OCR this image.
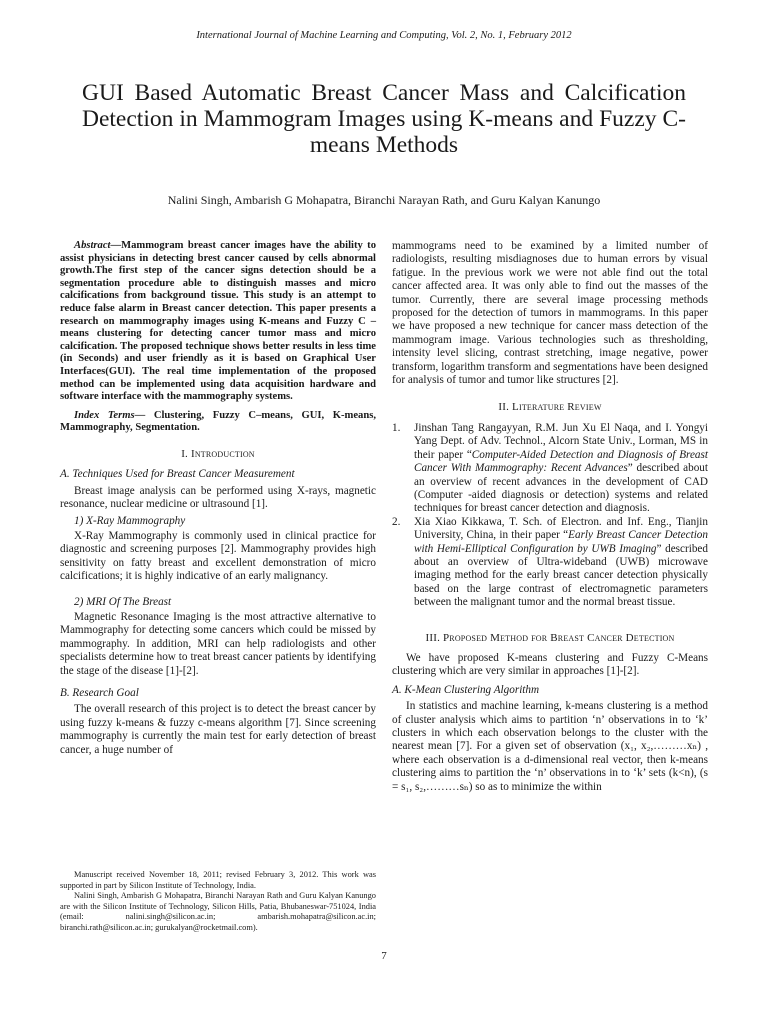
International Journal of Machine Learning and Computing, Vol. 2, No. 1, February 2012
GUI Based Automatic Breast Cancer Mass and Calcification Detection in Mammogram Images using K-means and Fuzzy C-means Methods
Nalini Singh, Ambarish G Mohapatra, Biranchi Narayan Rath, and Guru Kalyan Kanungo

Abstract—Mammogram breast cancer images have the ability to assist physicians in detecting brest cancer caused by cells abnormal growth.The first step of the cancer signs detection should be a segmentation procedure able to distinguish masses and micro calcifications from background tissue. This study is an attempt to reduce false alarm in Breast cancer detection. This paper presents a research on mammography images using K-means and Fuzzy C – means clustering for detecting cancer tumor mass and micro calcification. The proposed technique shows better results in less time (in Seconds) and user friendly as it is based on Graphical User Interfaces(GUI). The real time implementation of the proposed method can be implemented using data acquisition hardware and software interface with the mammography systems.

Index Terms— Clustering, Fuzzy C–means, GUI, K-means, Mammography, Segmentation.

I. Introduction
A. Techniques Used for Breast Cancer Measurement

Breast image analysis can be performed using X-rays, magnetic resonance, nuclear medicine or ultrasound [1].

1) X-Ray Mammography

X-Ray Mammography is commonly used in clinical practice for diagnostic and screening purposes [2]. Mammography provides high sensitivity on fatty breast and excellent demonstration of micro calcifications; it is highly indicative of an early malignancy.

2) MRI Of The Breast

Magnetic Resonance Imaging is the most attractive alternative to Mammography for detecting some cancers which could be missed by mammography. In addition, MRI can help radiologists and other specialists determine how to treat breast cancer patients by identifying the stage of the disease [1]-[2].

B. Research Goal

The overall research of this project is to detect the breast cancer by using fuzzy k-means & fuzzy c-means algorithm [7]. Since screening mammography is currently the main test for early detection of breast cancer, a huge number of

mammograms need to be examined by a limited number of radiologists, resulting misdiagnoses due to human errors by visual fatigue. In the previous work we were not able find out the total cancer affected area. It was only able to find out the masses of the tumor. Currently, there are several image processing methods proposed for the detection of tumors in mammograms. In this paper we have proposed a new technique for cancer mass detection of the mammogram image. Various technologies such as thresholding, intensity level slicing, contrast stretching, image negative, power transform, logarithm transform and segmentations have been designed for analysis of tumor and tumor like structures [2].

II. Literature Review
1. Jinshan Tang Rangayyan, R.M. Jun Xu El Naqa, and I. Yongyi Yang Dept. of Adv. Technol., Alcorn State Univ., Lorman, MS in their paper “Computer-Aided Detection and Diagnosis of Breast Cancer With Mammography: Recent Advances” described about an overview of recent advances in the development of CAD (Computer -aided diagnosis or detection) systems and related techniques for breast cancer detection and diagnosis.
2. Xia Xiao Kikkawa, T. Sch. of Electron. and Inf. Eng., Tianjin University, China, in their paper “Early Breast Cancer Detection with Hemi-Elliptical Configuration by UWB Imaging” described about an overview of Ultra-wideband (UWB) microwave imaging method for the early breast cancer detection physically based on the large contrast of electromagnetic parameters between the malignant tumor and the normal breast tissue.
III. Proposed Method for Breast Cancer Detection

We have proposed K-means clustering and Fuzzy C-Means clustering which are very similar in approaches [1]-[2].

A. K-Mean Clustering Algorithm

In statistics and machine learning, k-means clustering is a method of cluster analysis which aims to partition ‘n’ observations in to ‘k’ clusters in which each observation belongs to the cluster with the nearest mean [7]. For a given set of observation (x₁, x₂,………xₙ) , where each observation is a d-dimensional real vector, then k-means clustering aims to partition the ‘n’ observations in to ‘k’ sets (k<n), (s = s₁, s₂,………sₙ) so as to minimize the within

Manuscript received November 18, 2011; revised February 3, 2012. This work was supported in part by Silicon Institute of Technology, India.

Nalini Singh, Ambarish G Mohapatra, Biranchi Narayan Rath and Guru Kalyan Kanungo are with the Silicon Institute of Technology, Silicon Hills, Patia, Bhubaneswar-751024, India (email: nalini.singh@silicon.ac.in; ambarish.mohapatra@silicon.ac.in; biranchi.rath@silicon.ac.in; gurukalyan@rocketmail.com).

7
